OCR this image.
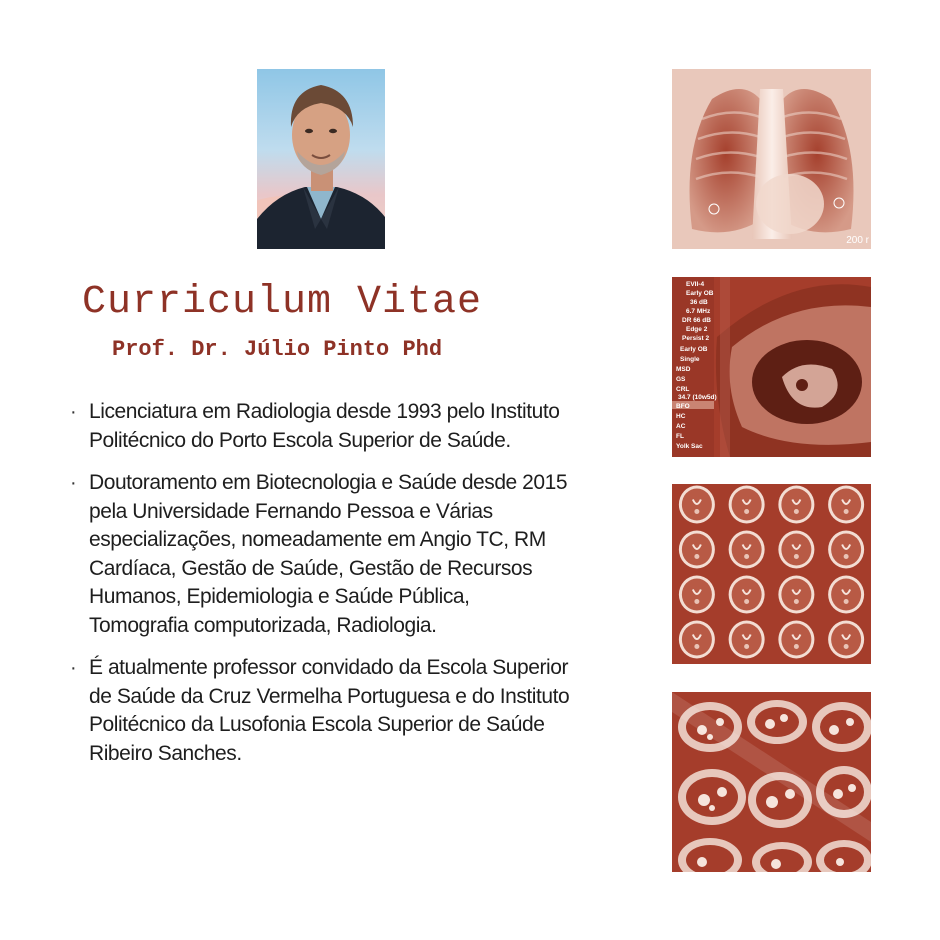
Curriculum Vitae
Prof. Dr. Júlio Pinto Phd
· Licenciatura em Radiologia desde 1993 pelo Instituto Politécnico do Porto Escola Superior de Saúde.
· Doutoramento em Biotecnologia e Saúde desde 2015 pela Universidade Fernando Pessoa e Várias especializações, nomeadamente em Angio TC, RM Cardíaca, Gestão de Saúde, Gestão de Recursos Humanos, Epidemiologia e Saúde Pública, Tomografia computorizada, Radiologia.
· É atualmente professor convidado da Escola Superior de Saúde da Cruz Vermelha Portuguesa e do Instituto Politécnico da Lusofonia Escola Superior de Saúde Ribeiro Sanches.
200 r
EVII-4
Early OB
36 dB
6.7 MHz
DR 66 dB
Edge 2
Persist 2
Early OB
Single
MSD
GS
CRL
34.7 (10w5d)
BFO
HC
AC
FL
Yolk Sac
